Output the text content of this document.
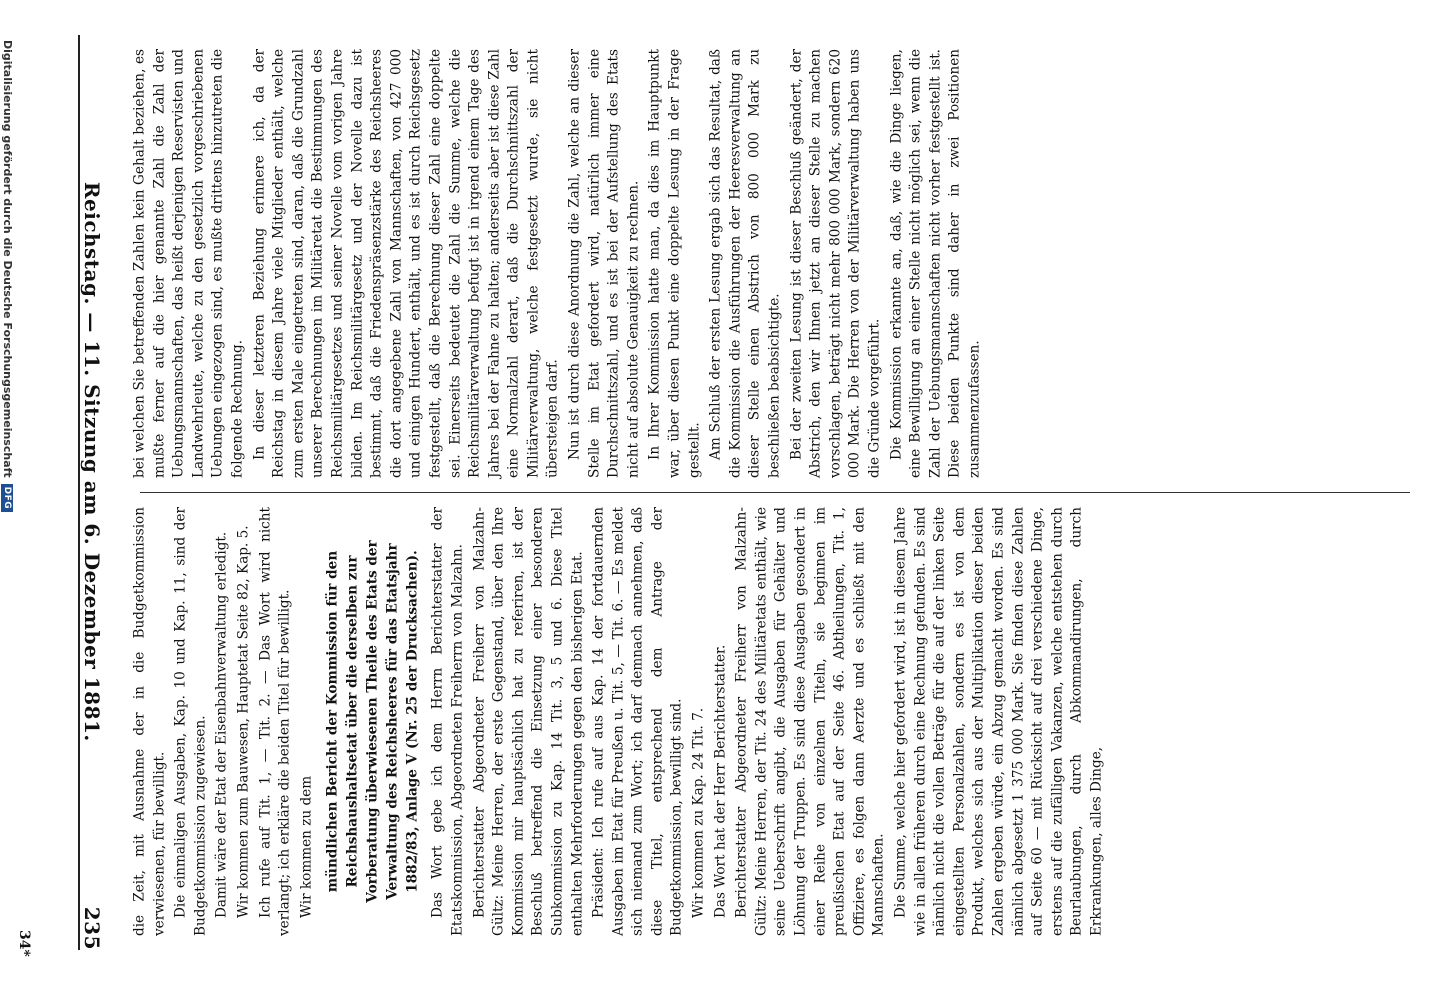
Reichstag. — 11. Sitzung am 6. Dezember 1881.
235 die Zeit, mit Ausnahme der in die Budgetkommission verwiesenen, für bewilligt. Die einmaligen Ausgaben, Kap. 10 und Kap. 11, sind der Budgetkommission zugewiesen. Damit wäre der Etat der Eisenbahnverwaltung erledigt. Wir kommen zum Bauwesen, Hauptetat Seite 82, Kap. 5. Ich rufe auf Tit. 1, — Tit. 2. — Das Wort wird nicht verlangt; ich erkläre die beiden Titel für bewilligt. Wir kommen zu dem mündlichen Bericht der Kommission für den Reichshaushaltsetat über die derselben zur Vorberatung überwiesenen Theile des Etats der Verwaltung des Reichsheeres für das Etatsjahr 1882/83, Anlage V (Nr. 25 der Drucksachen). Das Wort gebe ich dem Herrn Berichterstatter der Etatskommission, Abgeordneten Freiherrn von Malzahn. Berichterstatter Abgeordneter Freiherr von Malzahn-Gültz: Meine Herren, der erste Gegenstand, über den Ihre Kommission mir hauptsächlich hat zu referiren, ist der Beschluß betreffend die Einsetzung einer besonderen Subkommission zu Kap. 14 Tit. 3, 5 und 6. Diese Titel enthalten Mehrforderungen gegen den bisherigen Etat. Präsident: Ich rufe auf aus Kap. 14 der fortdauernden Ausgaben im Etat für Preußen u. Tit. 5, — Tit. 6. — Es meldet sich niemand zum Wort; ich darf demnach annehmen, daß diese Titel, entsprechend dem Antrage der Budgetkommission, bewilligt sind. Wir kommen zu Kap. 24 Tit. 7. Das Wort hat der Herr Berichterstatter. Berichterstatter Abgeordneter Freiherr von Malzahn-Gültz: Meine Herren, der Tit. 24 des Militäretats enthält, wie seine Ueberschrift angibt, die Ausgaben für Gehälter und Löhnung der Truppen. Es sind diese Ausgaben gesondert in einer Reihe von einzelnen Titeln, sie beginnen im preußischen Etat auf der Seite 46. Abtheilungen, Tit. 1, Offiziere, es folgen dann Aerzte und es schließt mit den Mannschaften. Die Summe, welche hier gefordert wird, ist in diesem Jahre wie in allen früheren durch eine Rechnung gefunden. Es sind nämlich nicht die vollen Beträge für die auf der linken Seite eingestellten Personalzahlen, sondern es ist von dem Produkt, welches sich aus der Multiplikation dieser beiden Zahlen ergeben würde, ein Abzug gemacht worden. Es sind nämlich abgesetzt 1 375 000 Mark. Sie finden diese Zahlen auf Seite 60 — mit Rücksicht auf drei verschiedene Dinge, erstens auf die zufälligen Vakanzen, welche entstehen durch Beurlaubungen, durch Abkommandirungen, durch Erkrankungen, alles Dinge,

bei welchen Sie betreffenden Zahlen kein Gehalt beziehen, es mußte ferner auf die hier genannte Zahl die Zahl der Uebungsmannschaften, das heißt derjenigen Reservisten und Landwehrleute, welche zu den gesetzlich vorgeschriebenen Uebungen eingezogen sind, es mußte drittens hinzutreten die folgende Rechnung. In dieser letzteren Beziehung erinnere ich, da der Reichstag in diesem Jahre viele Mitglieder enthält, welche zum ersten Male eingetreten sind, daran, daß die Grundzahl unserer Berechnungen im Militäretat die Bestimmungen des Reichsmilitärgesetzes und seiner Novelle vom vorigen Jahre bilden. Im Reichsmilitärgesetz und der Novelle dazu ist bestimmt, daß die Friedenspräsenzstärke des Reichsheeres die dort angegebene Zahl von Mannschaften, von 427 000 und einigen Hundert, enthält, und es ist durch Reichsgesetz festgestellt, daß die Berechnung dieser Zahl eine doppelte sei. Einerseits bedeutet die Zahl die Summe, welche die Reichsmilitärverwaltung befugt ist in irgend einem Tage des Jahres bei der Fahne zu halten; anderseits aber ist diese Zahl eine Normalzahl derart, daß die Durchschnittszahl der Militärverwaltung, welche festgesetzt wurde, sie nicht übersteigen darf. Nun ist durch diese Anordnung die Zahl, welche an dieser Stelle im Etat gefordert wird, natürlich immer eine Durchschnittszahl, und es ist bei der Aufstellung des Etats nicht auf absolute Genauigkeit zu rechnen. In Ihrer Kommission hatte man, da dies im Hauptpunkt war, über diesen Punkt eine doppelte Lesung in der Frage gestellt. Am Schluß der ersten Lesung ergab sich das Resultat, daß die Kommission die Ausführungen der Heeresverwaltung an dieser Stelle einen Abstrich von 800 000 Mark zu beschließen beabsichtigte. Bei der zweiten Lesung ist dieser Beschluß geändert, der Abstrich, den wir Ihnen jetzt an dieser Stelle zu machen vorschlagen, beträgt nicht mehr 800 000 Mark, sondern 620 000 Mark. Die Herren von der Militärverwaltung haben uns die Gründe vorgeführt. Die Kommission erkannte an, daß, wie die Dinge liegen, eine Bewilligung an einer Stelle nicht möglich sei, wenn die Zahl der Uebungsmannschaften nicht vorher festgestellt ist. Diese beiden Punkte sind daher in zwei Positionen zusammenzufassen.

34*
Digitalisierung gefördert durch die Deutsche Forschungsgemeinschaft
DFG
